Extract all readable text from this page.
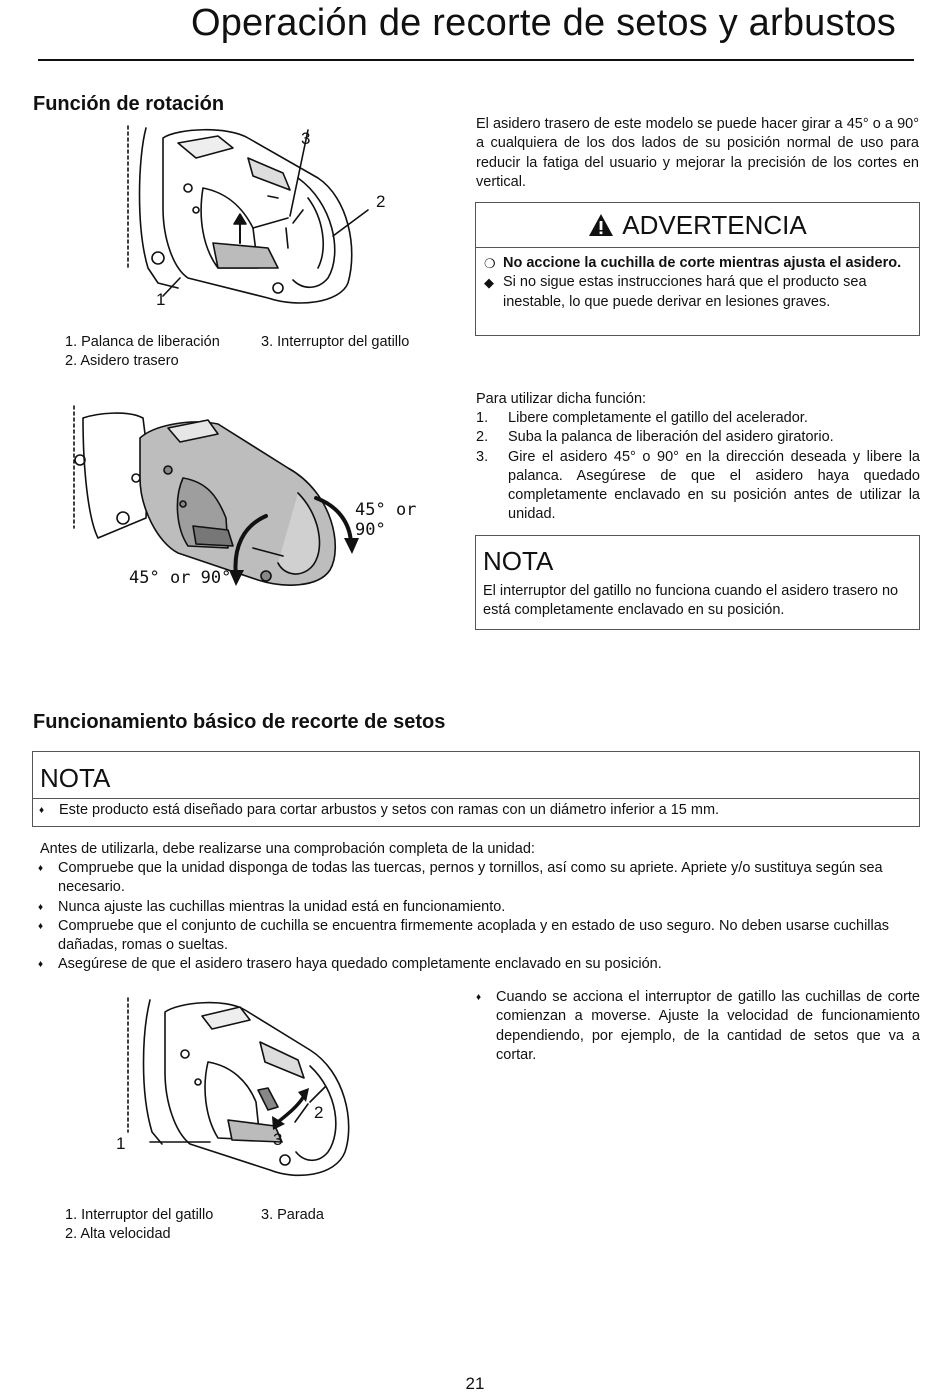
Operación de recorte de setos y arbustos
Función de rotación
3
2
1
1. Palanca de liberación	3. Interruptor del gatillo
2. Asidero trasero

El asidero trasero de este modelo se puede hacer girar a 45° o a 90° a cualquiera de los dos lados de su posición normal de uso para reducir la fatiga del usuario y mejorar la precisión de los cortes en vertical.

ADVERTENCIA
❍ No accione la cuchilla de corte mientras ajusta el asidero.
◆ Si no sigue estas instrucciones hará que el producto sea inestable, lo que puede derivar en lesiones graves.
45° or 90°
45° or 90°
Para utilizar dicha función:
1.	Libere completamente el gatillo del acelerador.
2.	Suba la palanca de liberación del asidero giratorio.
3.	Gire el asidero 45° o 90° en la dirección deseada y libere la palanca. Asegúrese de que el asidero haya quedado completamente enclavado en su posición antes de utilizar la unidad.
NOTA
El interruptor del gatillo no funciona cuando el asidero trasero no está completamente enclavado en su posición.
Funcionamiento básico de recorte de setos
NOTA
♦	Este producto está diseñado para cortar arbustos y setos con ramas con un diámetro inferior a 15 mm.
Antes de utilizarla, debe realizarse una comprobación completa de la unidad:
♦	Compruebe que la unidad disponga de todas las tuercas, pernos y tornillos, así como su apriete. Apriete y/o sustituya según sea necesario.
♦	Nunca ajuste las cuchillas mientras la unidad está en funcionamiento.
♦	Compruebe que el conjunto de cuchilla se encuentra firmemente acoplada y en estado de uso seguro. No deben usarse cuchillas dañadas, romas o sueltas.
♦	Asegúrese de que el asidero trasero haya quedado completamente enclavado en su posición.
♦	Cuando se acciona el interruptor de gatillo las cuchillas de corte comienzan a moverse. Ajuste la velocidad de funcionamiento dependiendo, por ejemplo, de la cantidad de setos que va a cortar.
2
3
1
1. Interruptor del gatillo	3. Parada
2. Alta velocidad
21
